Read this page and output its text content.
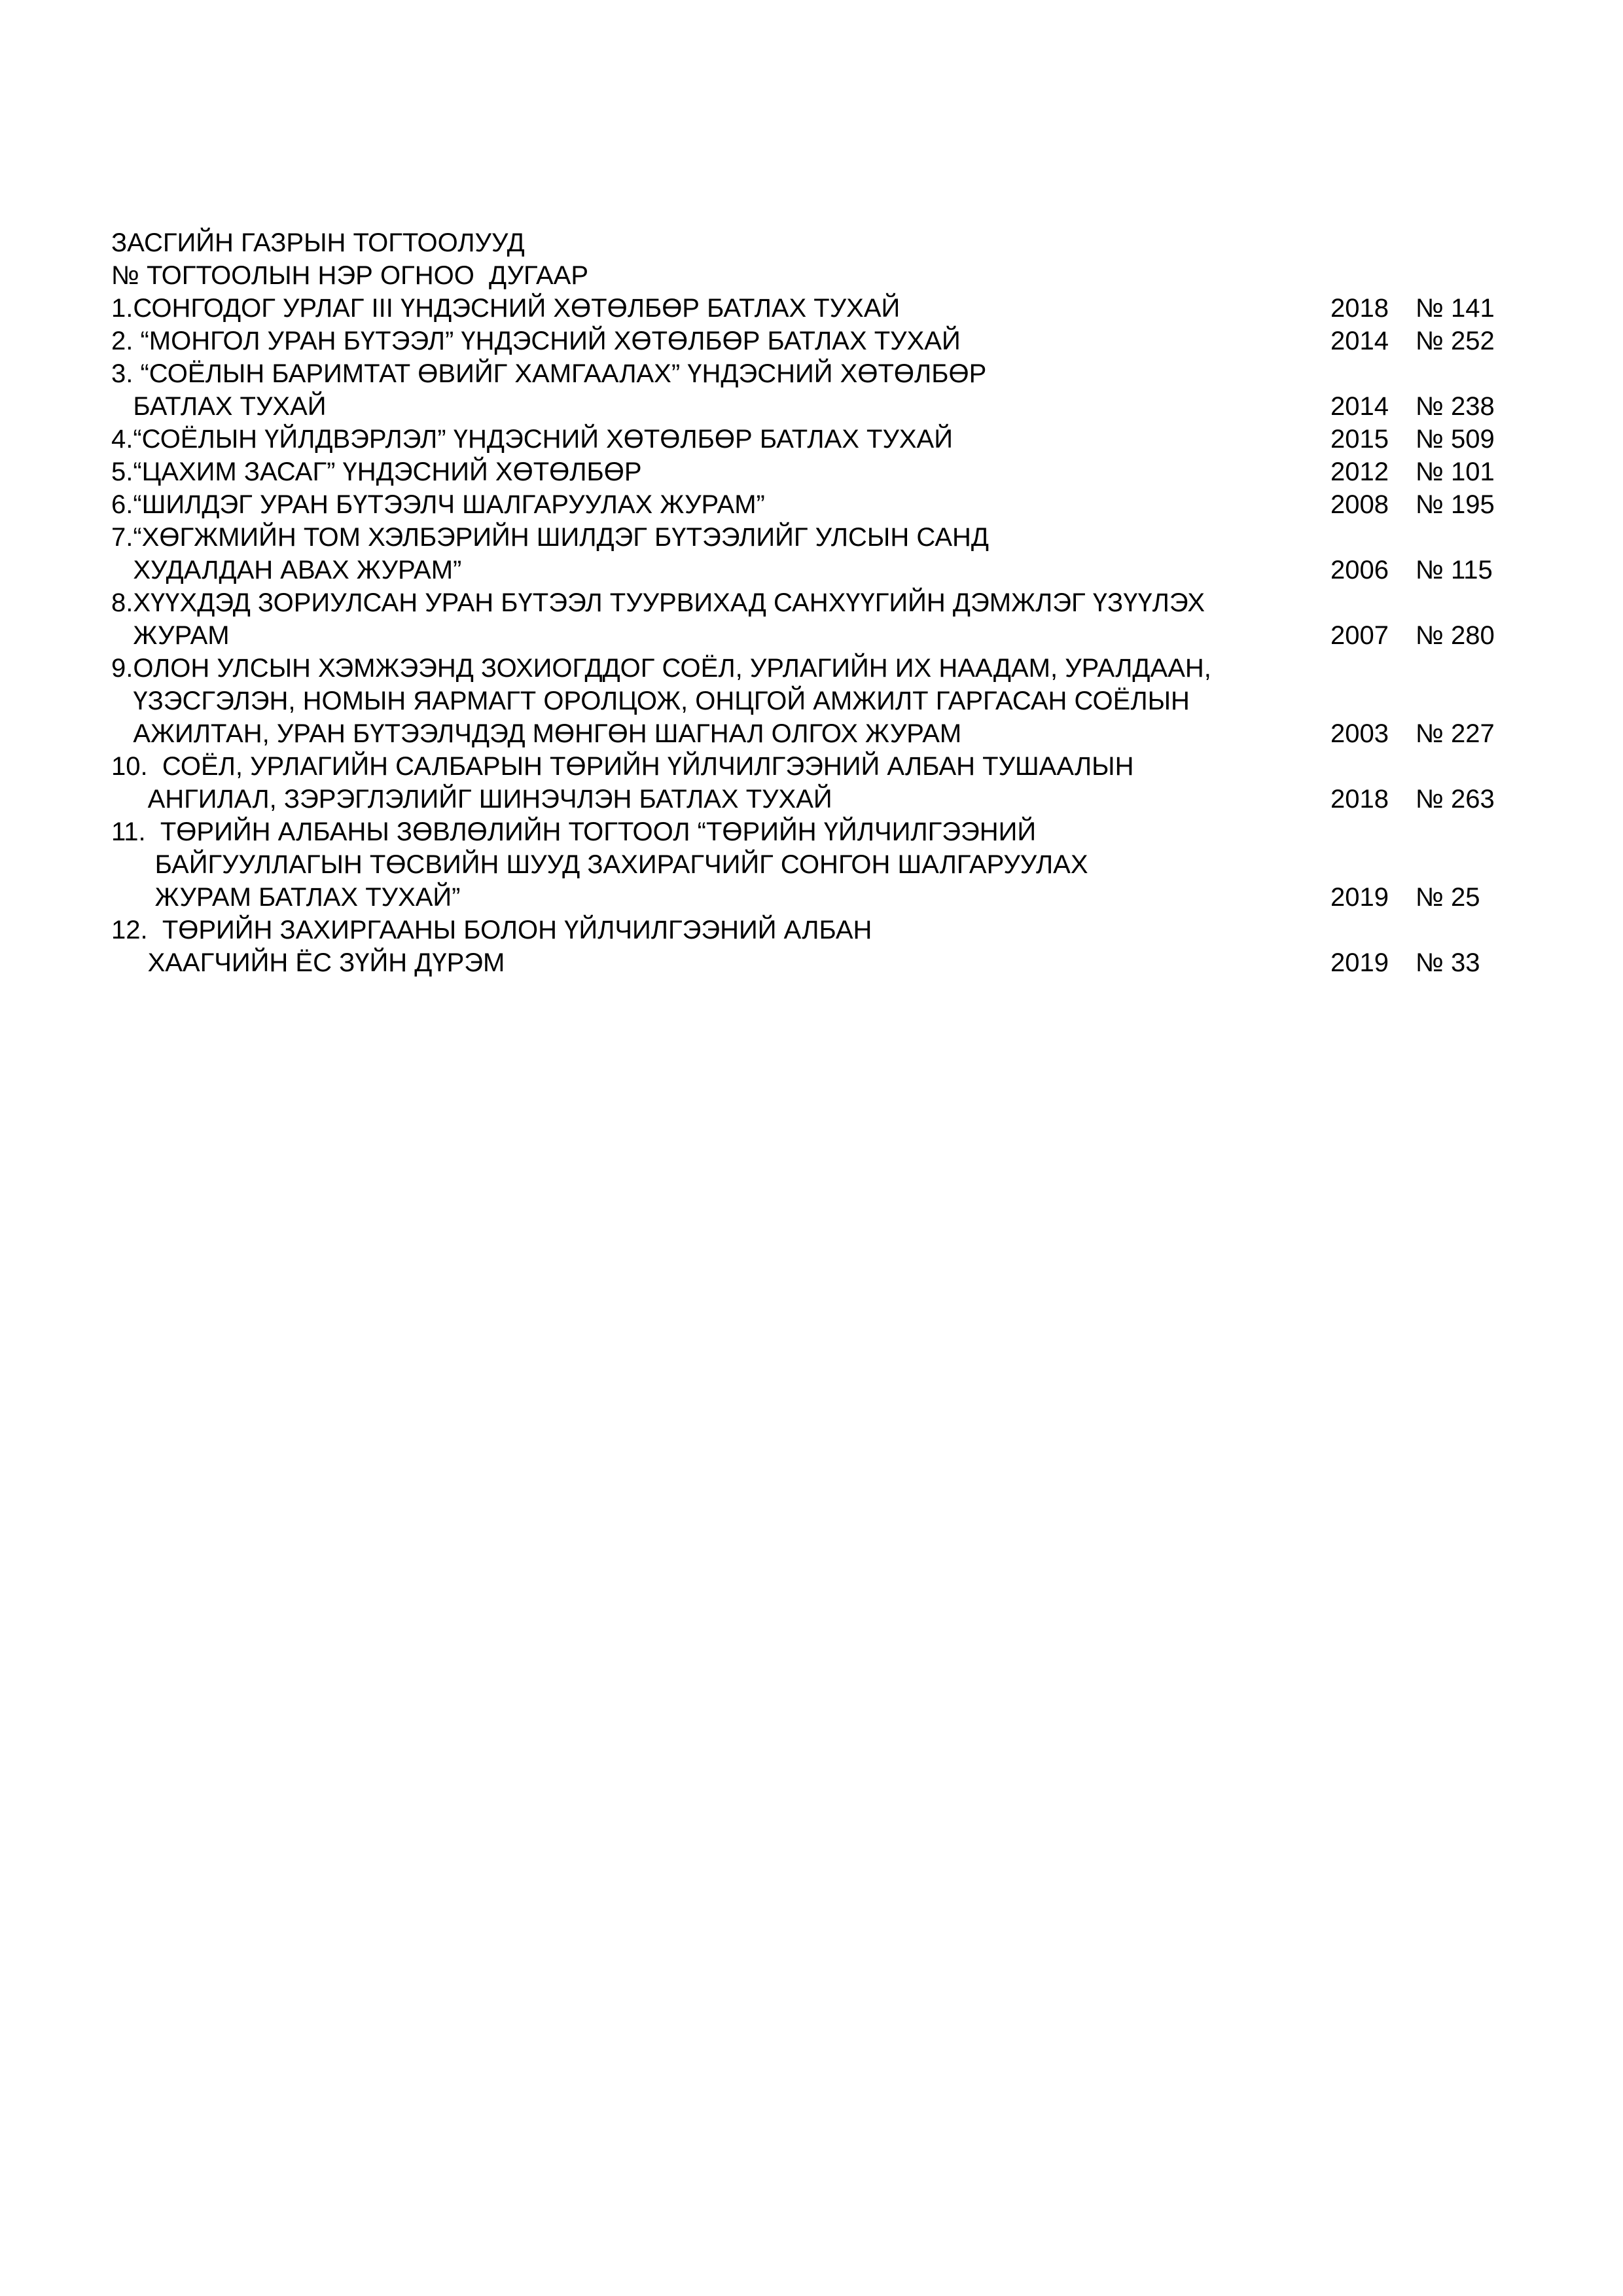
ЗАСГИЙН ГАЗРЫН ТОГТООЛУУД
№ ТОГТООЛЫН НЭР ОГНОО  ДУГААР
1.СОНГОДОГ УРЛАГ III ҮНДЭСНИЙ ХӨТӨЛБӨР БАТЛАХ ТУХАЙ	2018 № 141
2. “МОНГОЛ УРАН БҮТЭЭЛ” ҮНДЭСНИЙ ХӨТӨЛБӨР БАТЛАХ ТУХАЙ	2014 № 252
3. “СОЁЛЫН БАРИМТАТ ӨВИЙГ ХАМГААЛАХ” ҮНДЭСНИЙ ХӨТӨЛБӨР
БАТЛАХ ТУХАЙ	2014 № 238
4.“СОЁЛЫН ҮЙЛДВЭРЛЭЛ” ҮНДЭСНИЙ ХӨТӨЛБӨР БАТЛАХ ТУХАЙ	2015 № 509
5.“ЦАХИМ ЗАСАГ” ҮНДЭСНИЙ ХӨТӨЛБӨР	2012 № 101
6.“ШИЛДЭГ УРАН БҮТЭЭЛЧ ШАЛГАРУУЛАХ ЖУРАМ”	2008 № 195
7.“ХӨГЖМИЙН ТОМ ХЭЛБЭРИЙН ШИЛДЭГ БҮТЭЭЛИЙГ УЛСЫН САНД
ХУДАЛДАН АВАХ ЖУРАМ”	2006 № 115
8.ХҮҮХДЭД ЗОРИУЛСАН УРАН БҮТЭЭЛ ТУУРВИХАД САНХҮҮГИЙН ДЭМЖЛЭГ ҮЗҮҮЛЭХ
ЖУРАМ	2007 № 280
9.ОЛОН УЛСЫН ХЭМЖЭЭНД ЗОХИОГДДОГ СОЁЛ, УРЛАГИЙН ИХ НААДАМ, УРАЛДААН,
ҮЗЭСГЭЛЭН, НОМЫН ЯАРМАГТ ОРОЛЦОЖ, ОНЦГОЙ АМЖИЛТ ГАРГАСАН СОЁЛЫН
АЖИЛТАН, УРАН БҮТЭЭЛЧДЭД МӨНГӨН ШАГНАЛ ОЛГОХ ЖУРАМ	2003 № 227
10.  СОЁЛ, УРЛАГИЙН САЛБАРЫН ТӨРИЙН ҮЙЛЧИЛГЭЭНИЙ АЛБАН ТУШААЛЫН
АНГИЛАЛ, ЗЭРЭГЛЭЛИЙГ ШИНЭЧЛЭН БАТЛАХ ТУХАЙ	2018 № 263
11.  ТӨРИЙН АЛБАНЫ ЗӨВЛӨЛИЙН ТОГТООЛ “ТӨРИЙН ҮЙЛЧИЛГЭЭНИЙ
БАЙГУУЛЛАГЫН ТӨСВИЙН ШУУД ЗАХИРАГЧИЙГ СОНГОН ШАЛГАРУУЛАХ
ЖУРАМ БАТЛАХ ТУХАЙ”	2019 № 25
12.  ТӨРИЙН ЗАХИРГААНЫ БОЛОН ҮЙЛЧИЛГЭЭНИЙ АЛБАН
ХААГЧИЙН ЁС ЗҮЙН ДҮРЭМ	2019 № 33
